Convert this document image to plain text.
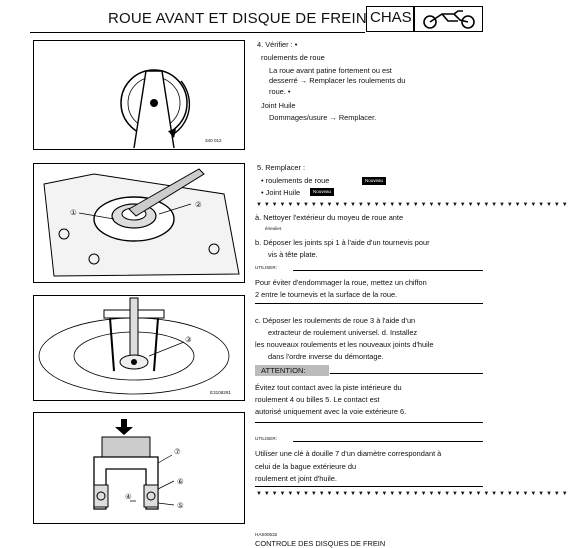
ROUE AVANT ET DISQUE DE FREIN CHAS
340 012
①
②
③
E3108281
⑦
④
⑥
⑤
4. Vérifier : •
roulements de roue
La roue avant patine fortement ou est
desserré → Remplacer les roulements du
roue. •
Joint Huile
Dommages/usure → Remplacer.
5. Remplacer :
• roulements de roue	Nouveau
• Joint Huile	Nouveau
▼▼▼▼▼▼▼▼▼▼▼▼▼▼▼▼▼▼▼▼▼▼▼▼▼▼▼▼▼▼▼▼▼▼▼▼▼▼▼▼
à. Nettoyer l'extérieur du moyeu de roue ante
érieulier.
b. Déposer les joints spi 1 à l'aide d'un tournevis pour
vis à tête plate.
UTILISER:
Pour éviter d'endommager la roue, mettez un chiffon
2 entre le tournevis et la surface de la roue.
c. Déposer les roulements de roue 3 à l'aide d'un
extracteur de roulement universel. d. Installez
les nouveaux roulements et les nouveaux joints d'huile
dans l'ordre inverse du démontage.
ATTENTION:
Évitez tout contact avec la piste intérieure du
roulement 4 ou billes 5. Le contact est
autorisé uniquement avec la voie extérieure 6.
UTILISER:
Utiliser une clé à douille 7 d'un diamètre correspondant à
celui de la bague extérieure du
roulement et joint d'huile.
▼▼▼▼▼▼▼▼▼▼▼▼▼▼▼▼▼▼▼▼▼▼▼▼▼▼▼▼▼▼▼▼▼▼▼▼▼▼▼▼
HAS00532
CONTROLE DES DISQUES DE FREIN
